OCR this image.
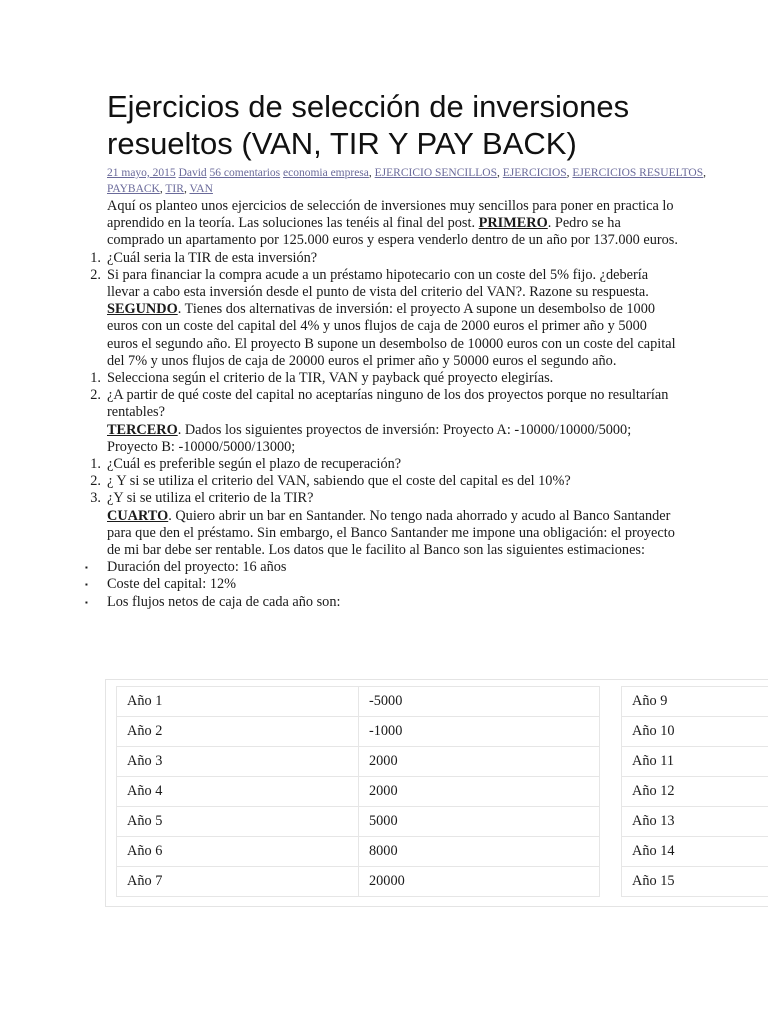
Ejercicios de selección de inversiones resueltos (VAN, TIR Y PAY BACK)
21 mayo, 2015 David 56 comentarios economia empresa, EJERCICIO SENCILLOS, EJERCICIOS, EJERCICIOS RESUELTOS, PAYBACK, TIR, VAN

Aquí os planteo unos ejercicios de selección de inversiones muy sencillos para poner en practica lo aprendido en la teoría. Las soluciones las tenéis al final del post. PRIMERO. Pedro se ha comprado un apartamento por 125.000 euros y espera venderlo dentro de un año por 137.000 euros.

1. ¿Cuál seria la TIR de esta inversión?
2. Si para financiar la compra acude a un préstamo hipotecario con un coste del 5% fijo. ¿debería llevar a cabo esta inversión desde el punto de vista del criterio del VAN?. Razone su respuesta.
SEGUNDO. Tienes dos alternativas de inversión: el proyecto A supone un desembolso de 1000 euros con un coste del capital del 4% y unos flujos de caja de 2000 euros el primer año y 5000 euros el segundo año. El proyecto B supone un desembolso de 10000 euros con un coste del capital del 7% y unos flujos de caja de 20000 euros el primer año y 50000 euros el segundo año.
1. Selecciona según el criterio de la TIR, VAN y payback qué proyecto elegirías.
2. ¿A partir de qué coste del capital no aceptarías ninguno de los dos proyectos porque no resultarían rentables?
TERCERO. Dados los siguientes proyectos de inversión: Proyecto A: -10000/10000/5000; Proyecto B: -10000/5000/13000;
1. ¿Cuál es preferible según el plazo de recuperación?
2. ¿ Y si se utiliza el criterio del VAN, sabiendo que el coste del capital es del 10%?
3. ¿Y si se utiliza el criterio de la TIR?
CUARTO. Quiero abrir un bar en Santander. No tengo nada ahorrado y acudo al Banco Santander para que den el préstamo. Sin embargo, el Banco Santander me impone una obligación: el proyecto de mi bar debe ser rentable. Los datos que le facilito al Banco son las siguientes estimaciones:
▪ Duración del proyecto: 16 años
▪ Coste del capital: 12%
▪ Los flujos netos de caja de cada año son:
Año 1	-5000
Año 2	-1000
Año 3	2000
Año 4	2000
Año 5	5000
Año 6	8000
Año 7	20000
Año 9
Año 10
Año 11
Año 12
Año 13
Año 14
Año 15
